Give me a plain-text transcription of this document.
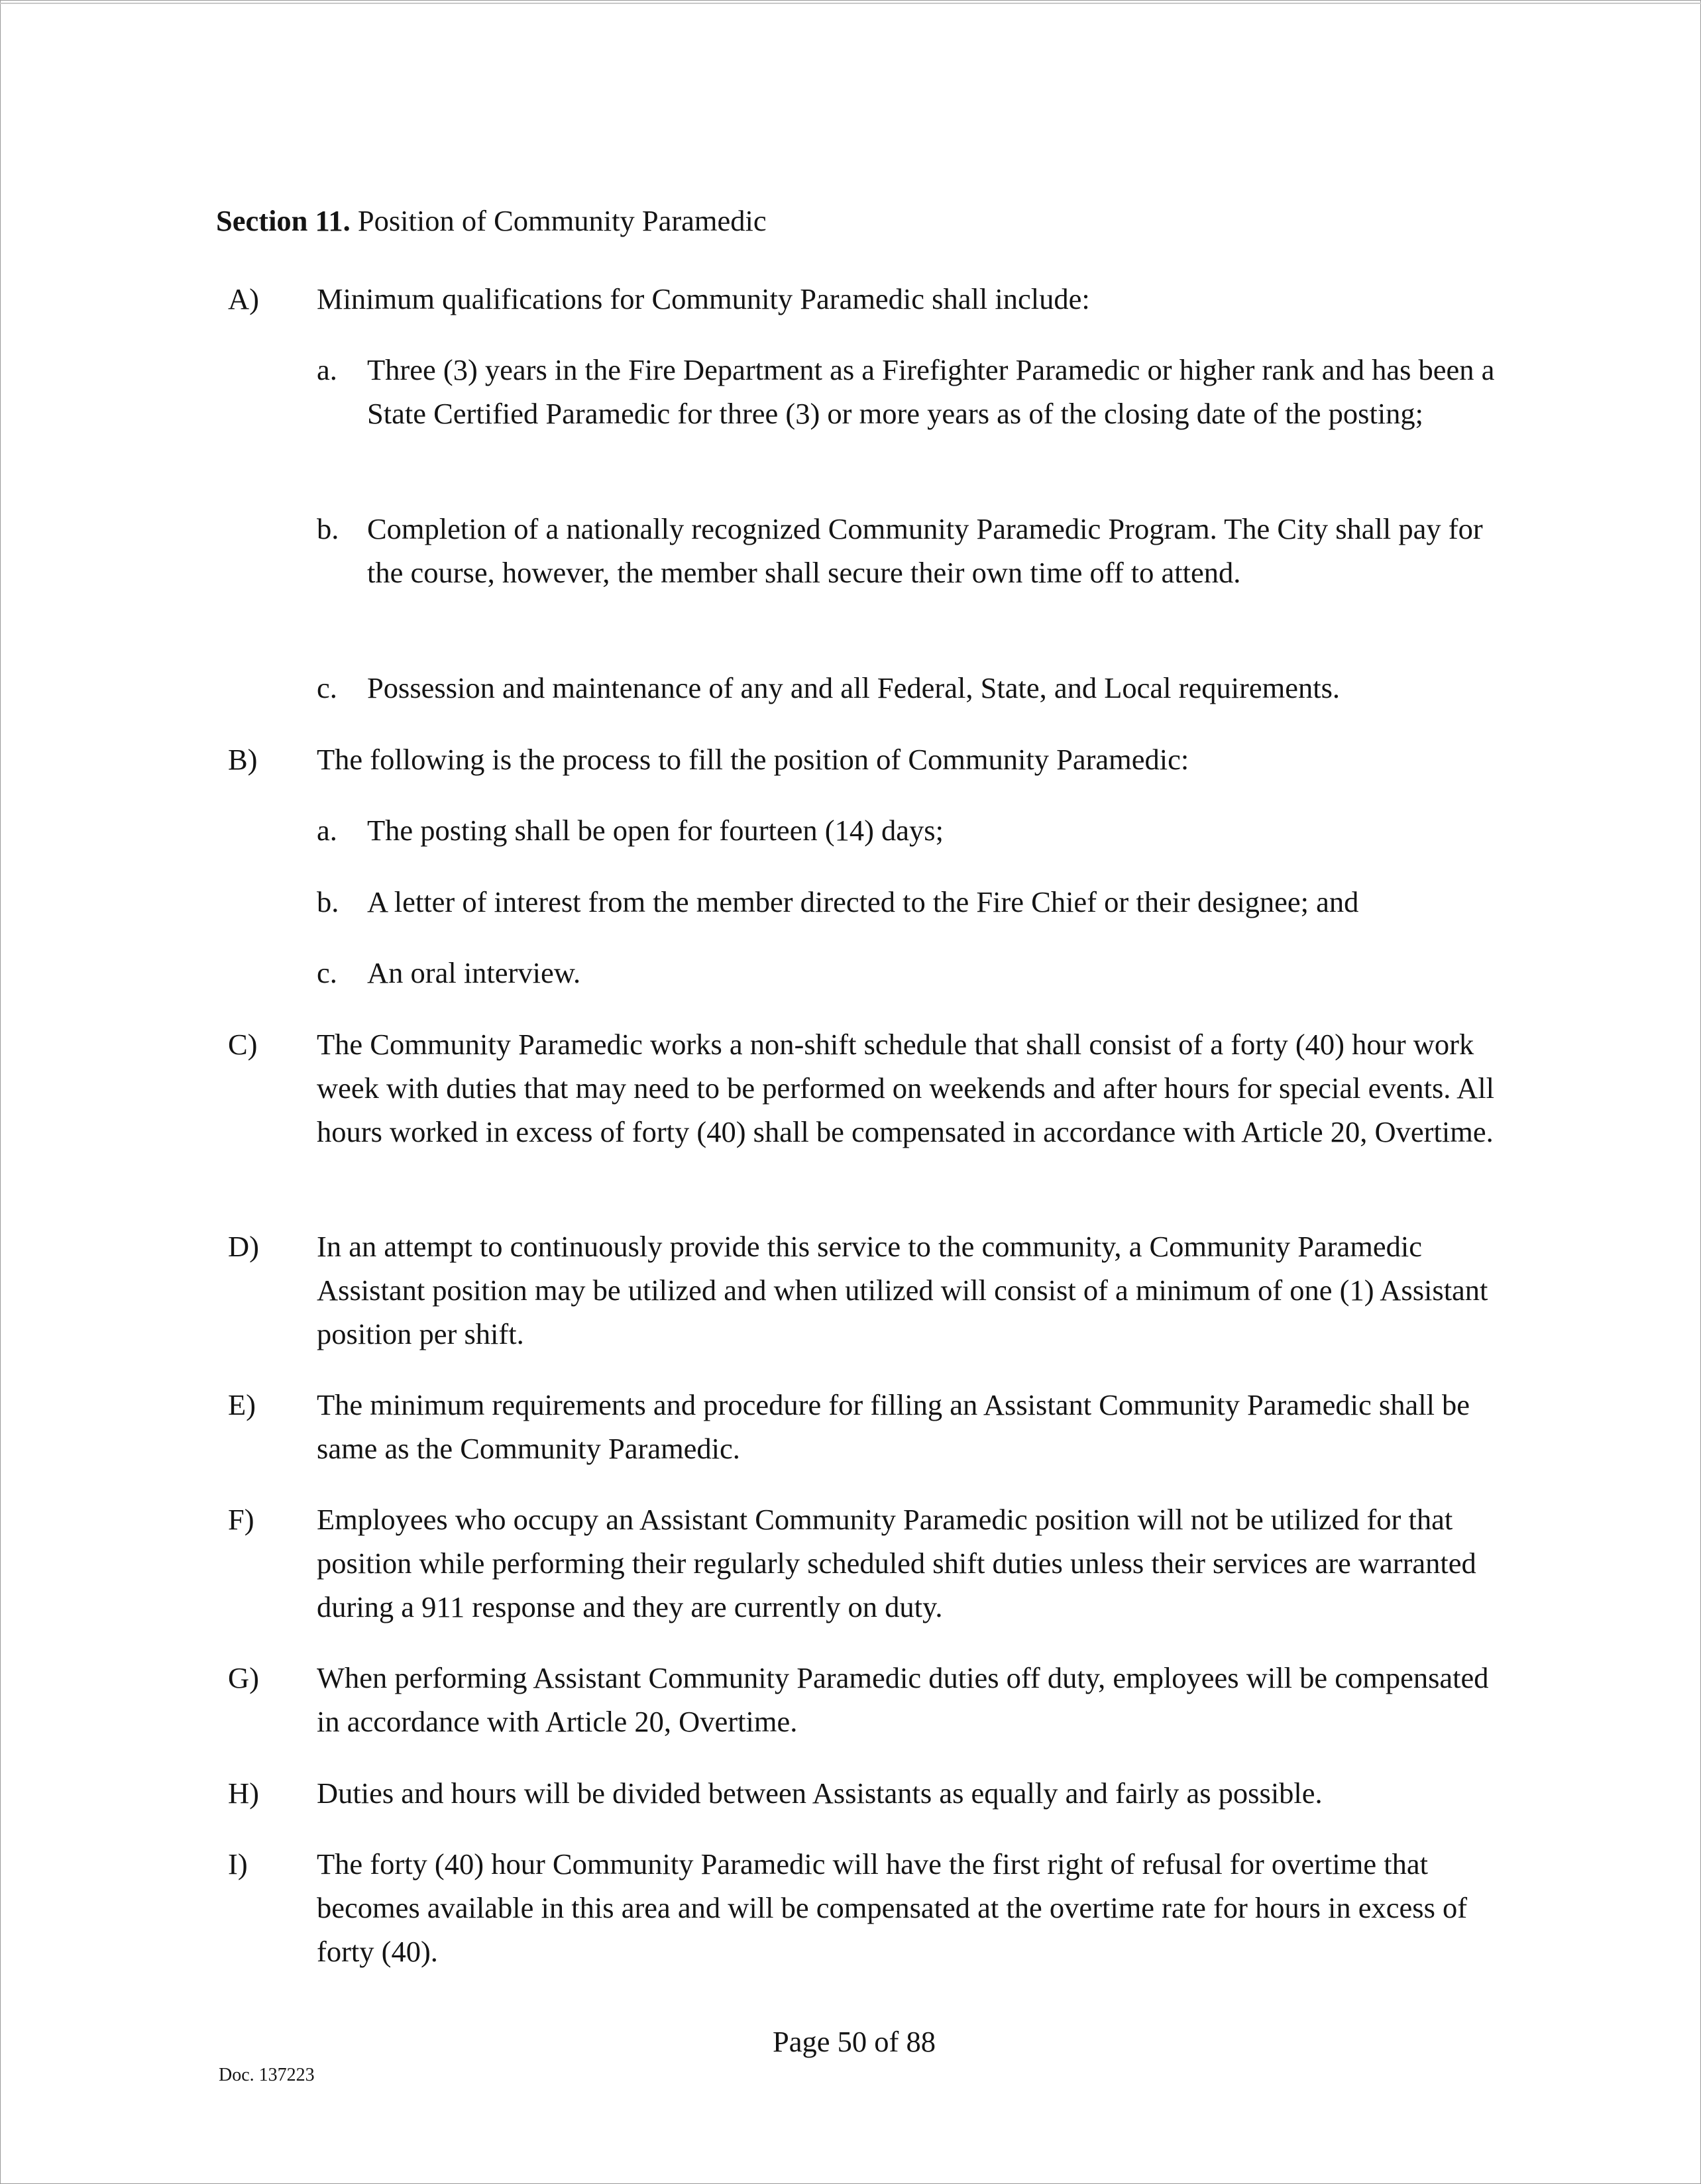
Section 11. Position of Community Paramedic
A) Minimum qualifications for Community Paramedic shall include:
a. Three (3) years in the Fire Department as a Firefighter Paramedic or higher rank and has been a State Certified Paramedic for three (3) or more years as of the closing date of the posting;
b. Completion of a nationally recognized Community Paramedic Program. The City shall pay for the course, however, the member shall secure their own time off to attend.
c. Possession and maintenance of any and all Federal, State, and Local requirements.
B) The following is the process to fill the position of Community Paramedic:
a. The posting shall be open for fourteen (14) days;
b. A letter of interest from the member directed to the Fire Chief or their designee; and
c. An oral interview.
C) The Community Paramedic works a non-shift schedule that shall consist of a forty (40) hour work week with duties that may need to be performed on weekends and after hours for special events. All hours worked in excess of forty (40) shall be compensated in accordance with Article 20, Overtime.
D) In an attempt to continuously provide this service to the community, a Community Paramedic Assistant position may be utilized and when utilized will consist of a minimum of one (1) Assistant position per shift.
E) The minimum requirements and procedure for filling an Assistant Community Paramedic shall be same as the Community Paramedic.
F) Employees who occupy an Assistant Community Paramedic position will not be utilized for that position while performing their regularly scheduled shift duties unless their services are warranted during a 911 response and they are currently on duty.
G) When performing Assistant Community Paramedic duties off duty, employees will be compensated in accordance with Article 20, Overtime.
H) Duties and hours will be divided between Assistants as equally and fairly as possible.
I) The forty (40) hour Community Paramedic will have the first right of refusal for overtime that becomes available in this area and will be compensated at the overtime rate for hours in excess of forty (40).
Page 50 of 88
Doc. 137223
